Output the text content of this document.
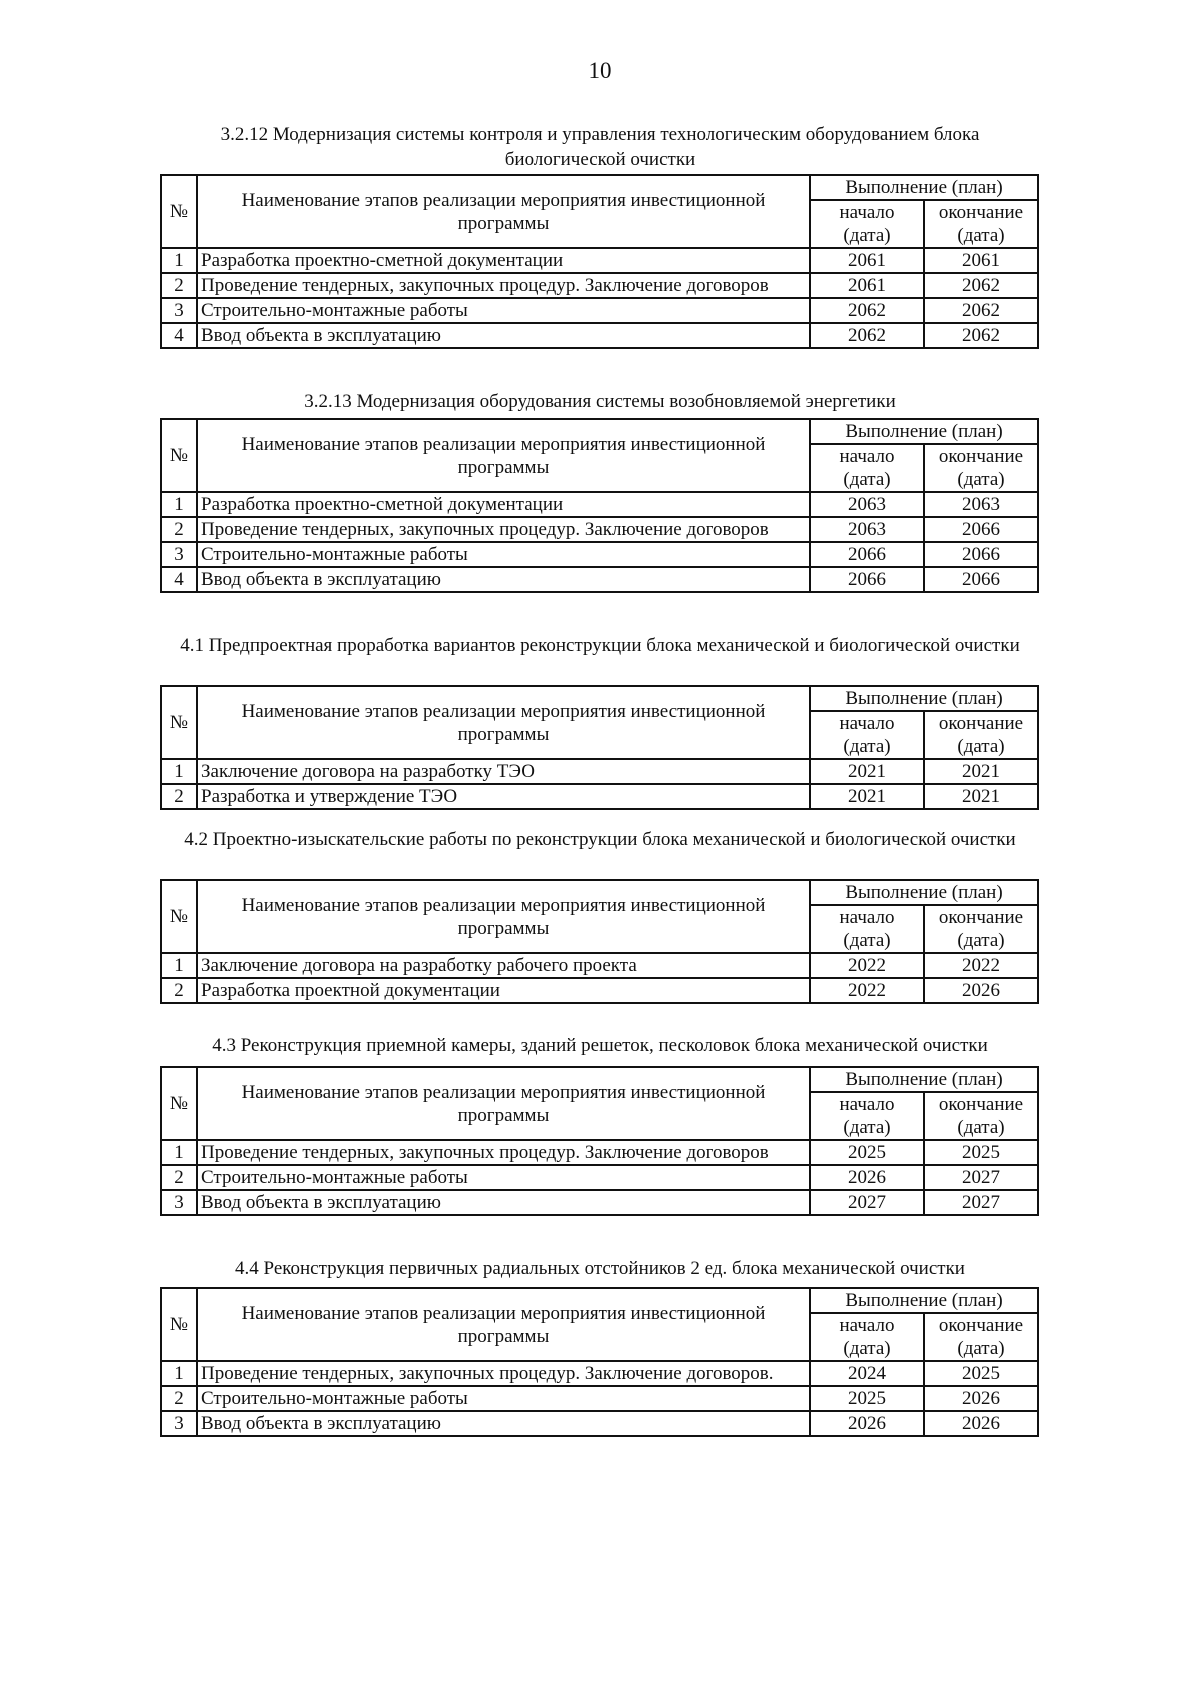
10
3.2.12 Модернизация системы контроля и управления технологическим оборудованием блока биологической очистки
№	Наименование этапов реализации мероприятия инвестиционной программы	Выполнение (план)	
		начало (дата)	окончание (дата)

1	Разработка проектно-сметной документации	2061	2061
2	Проведение тендерных, закупочных процедур. Заключение договоров	2061	2062
3	Строительно-монтажные работы	2062	2062
4	Ввод объекта в эксплуатацию	2062	2062
3.2.13 Модернизация оборудования системы возобновляемой энергетики
№	Наименование этапов реализации мероприятия инвестиционной программы	Выполнение (план)	
		начало (дата)	окончание (дата)

1	Разработка проектно-сметной документации	2063	2063
2	Проведение тендерных, закупочных процедур. Заключение договоров	2063	2066
3	Строительно-монтажные работы	2066	2066
4	Ввод объекта в эксплуатацию	2066	2066
4.1 Предпроектная проработка вариантов реконструкции блока механической и биологической очистки
№	Наименование этапов реализации мероприятия инвестиционной программы	Выполнение (план)	
		начало (дата)	окончание (дата)

1	Заключение договора на разработку ТЭО	2021	2021
2	Разработка и утверждение ТЭО	2021	2021
4.2 Проектно-изыскательские работы по реконструкции блока механической и биологической очистки
№	Наименование этапов реализации мероприятия инвестиционной программы	Выполнение (план)	
		начало (дата)	окончание (дата)

1	Заключение договора на разработку рабочего проекта	2022	2022
2	Разработка проектной документации	2022	2026
4.3 Реконструкция приемной камеры, зданий решеток, песколовок блока механической очистки
№	Наименование этапов реализации мероприятия инвестиционной программы	Выполнение (план)	
		начало (дата)	окончание (дата)

1	Проведение тендерных, закупочных процедур. Заключение договоров	2025	2025
2	Строительно-монтажные работы	2026	2027
3	Ввод объекта в эксплуатацию	2027	2027
4.4 Реконструкция первичных радиальных отстойников 2 ед. блока механической очистки
№	Наименование этапов реализации мероприятия инвестиционной программы	Выполнение (план)	
		начало (дата)	окончание (дата)

1	Проведение тендерных, закупочных процедур. Заключение договоров.	2024	2025
2	Строительно-монтажные работы	2025	2026
3	Ввод объекта в эксплуатацию	2026	2026
